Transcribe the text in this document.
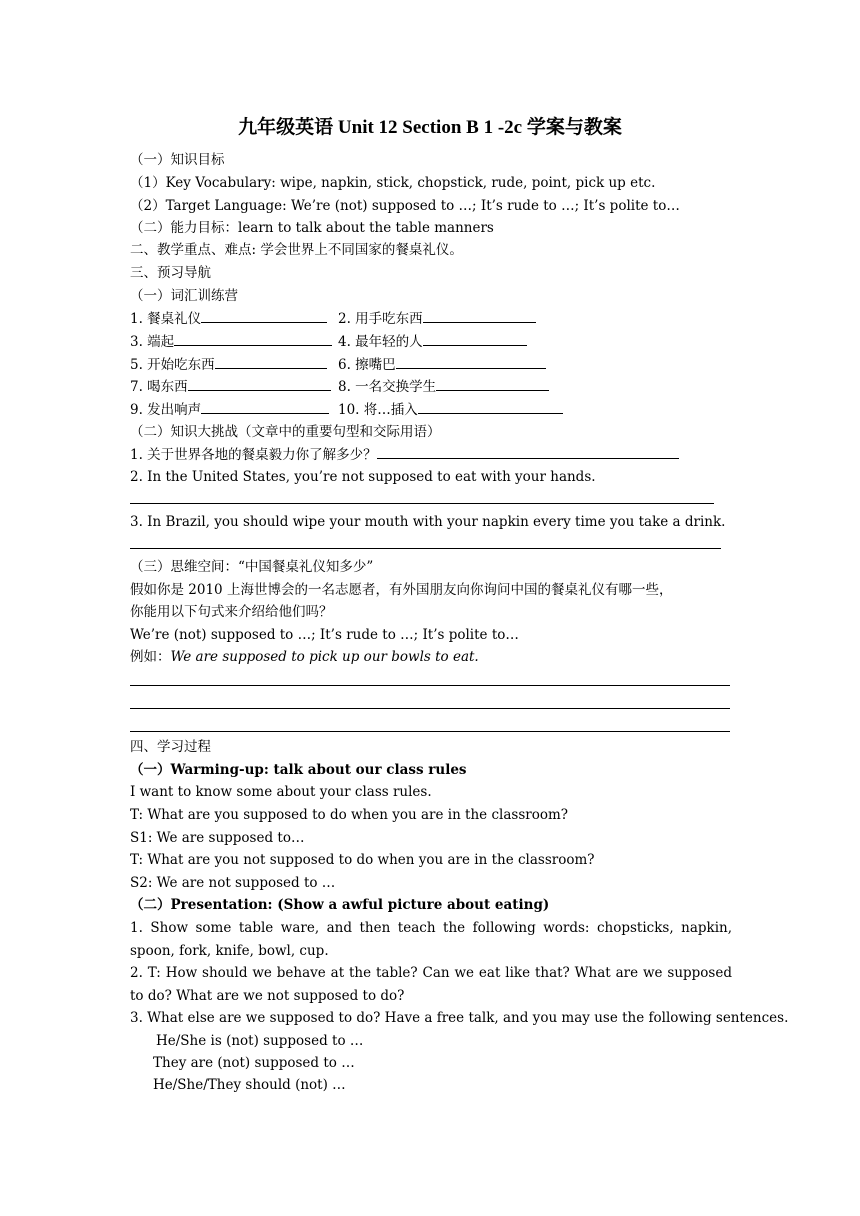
九年级英语 Unit 12 Section B 1 -2c 学案与教案
（一）知识目标
（1）Key Vocabulary: wipe, napkin, stick, chopstick, rude, point, pick up etc.
（2）Target Language: We’re (not) supposed to …; It’s rude to …; It’s polite to…
（二）能力目标：learn to talk about the table manners
二、教学重点、难点: 学会世界上不同国家的餐桌礼仪。
三、预习导航
（一）词汇训练营
1. 餐桌礼仪	2. 用手吃东西
3. 端起	4. 最年轻的人
5. 开始吃东西	6. 擦嘴巴
7. 喝东西	8. 一名交换学生
9. 发出响声	10. 将…插入
（二）知识大挑战（文章中的重要句型和交际用语）
1. 关于世界各地的餐桌毅力你了解多少？
2. In the United States, you’re not supposed to eat with your hands.
3. In Brazil, you should wipe your mouth with your napkin every time you take a drink.
（三）思维空间：“中国餐桌礼仪知多少”
假如你是 2010 上海世博会的一名志愿者，有外国朋友向你询问中国的餐桌礼仪有哪一些，
你能用以下句式来介绍给他们吗？
We’re (not) supposed to …; It’s rude to …; It’s polite to…
例如：We are supposed to pick up our bowls to eat.
四、学习过程
（一）Warming-up: talk about our class rules
I want to know some about your class rules.
T: What are you supposed to do when you are in the classroom?
S1: We are supposed to…
T: What are you not supposed to do when you are in the classroom?
S2: We are not supposed to …
（二）Presentation: (Show a awful picture about eating)
1. Show some table ware, and then teach the following words: chopsticks, napkin, spoon, fork, knife, bowl, cup.
2. T: How should we behave at the table? Can we eat like that? What are we supposed to do? What are we not supposed to do?
3. What else are we supposed to do? Have a free talk, and you may use the following sentences.
He/She is (not) supposed to …
They are (not) supposed to …
He/She/They should (not) …
